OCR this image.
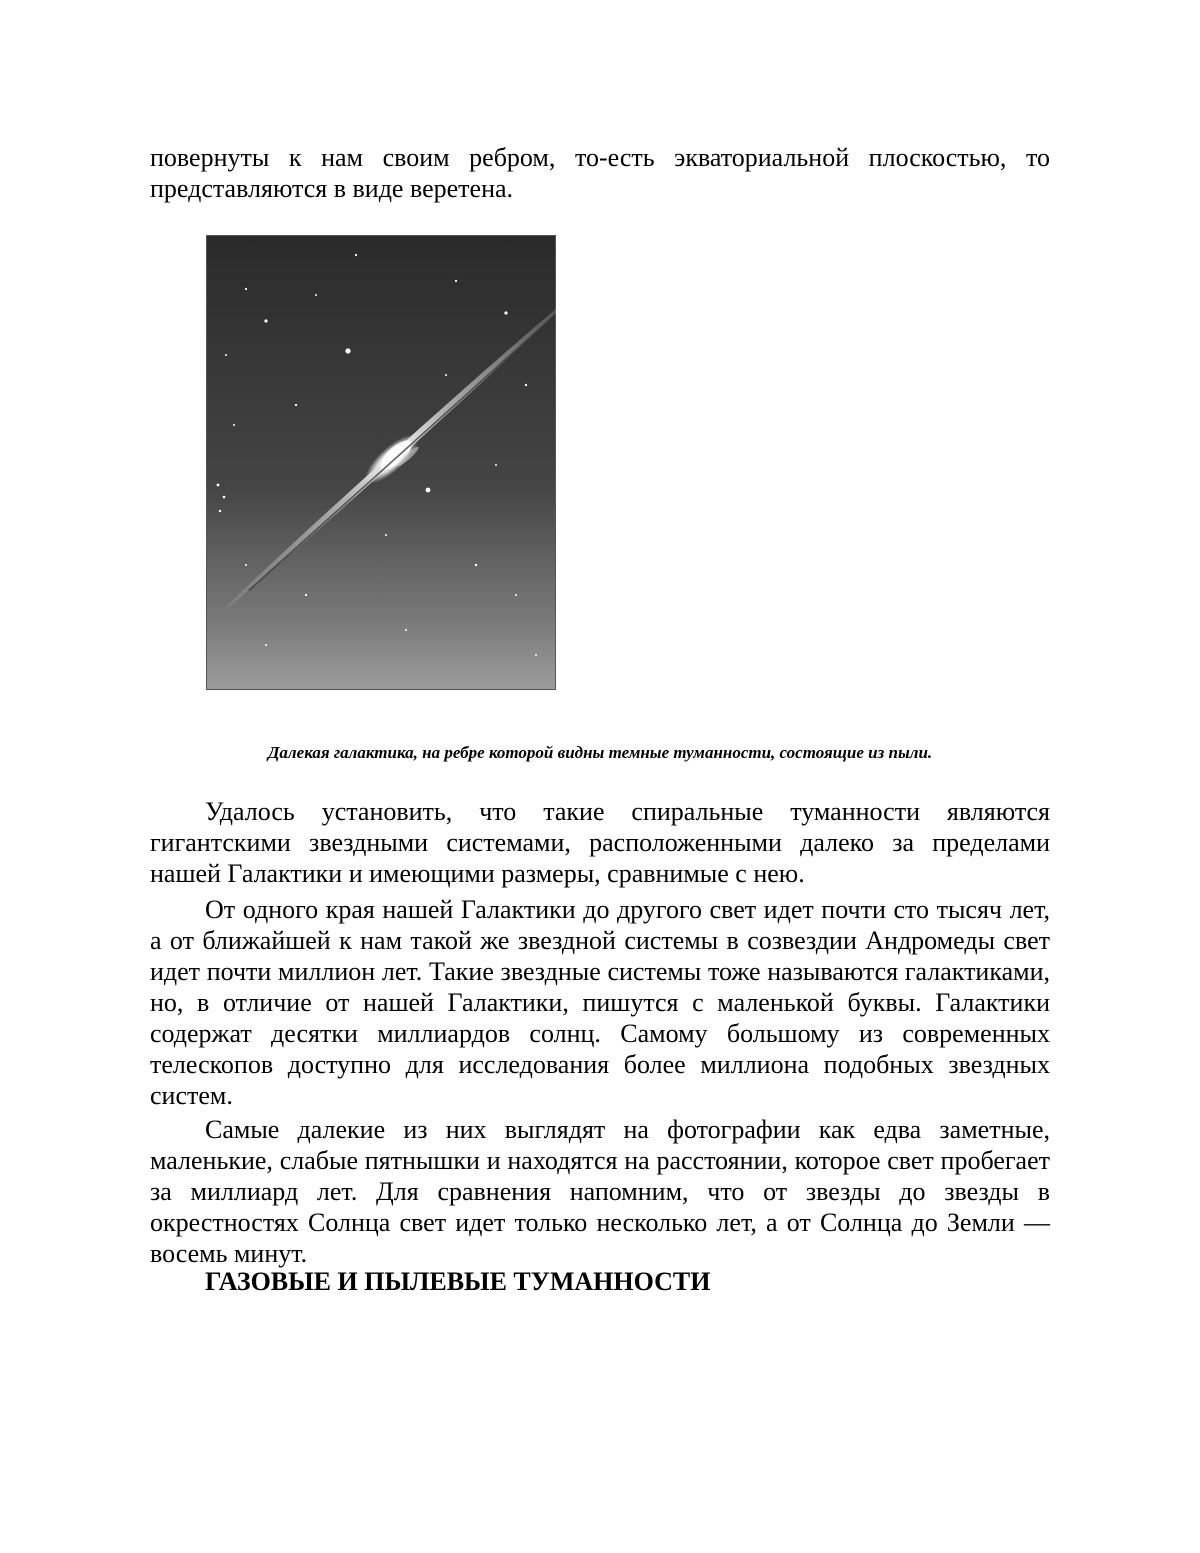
повернуты к нам своим ребром, то-есть экваториальной плоскостью, то представляются в виде веретена.

Далекая галактика, на ребре которой видны темные туманности, состоящие из пыли.

Удалось установить, что такие спиральные туманности являются гигантскими звездными системами, расположенными далеко за пределами нашей Галактики и имеющими размеры, сравнимые с нею.

От одного края нашей Галактики до другого свет идет почти сто тысяч лет, а от ближайшей к нам такой же звездной системы в созвездии Андромеды свет идет почти миллион лет. Такие звездные системы тоже называются галактиками, но, в отличие от нашей Галактики, пишутся с маленькой буквы. Галактики содержат десятки миллиардов солнц. Самому большому из современных телескопов доступно для исследования более миллиона подобных звездных систем.

Самые далекие из них выглядят на фотографии как едва заметные, маленькие, слабые пятнышки и находятся на расстоянии, которое свет пробегает за миллиард лет. Для сравнения напомним, что от звезды до звезды в окрестностях Солнца свет идет только несколько лет, а от Солнца до Земли — восемь минут.

ГАЗОВЫЕ И ПЫЛЕВЫЕ ТУМАННОСТИ
